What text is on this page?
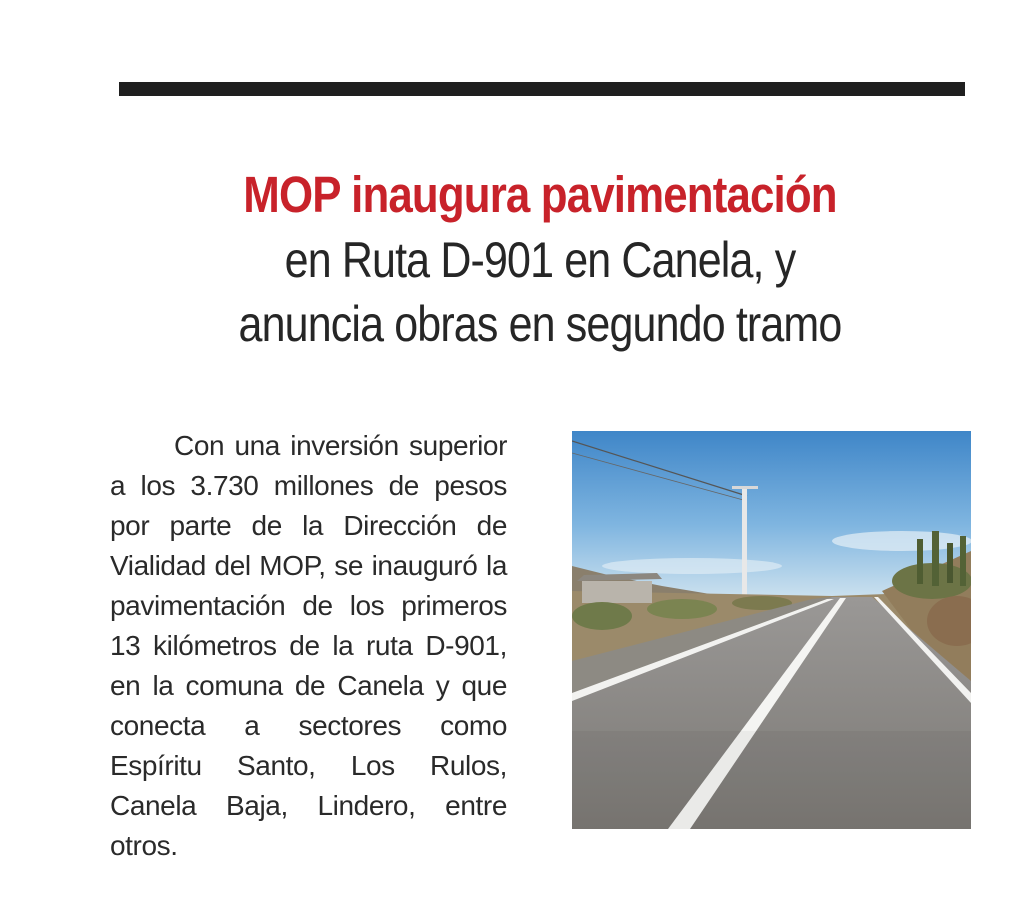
MOP inaugura pavimentación
en Ruta D-901 en Canela, y
anuncia obras en segundo tramo
Con una inversión superior a los 3.730 millones de pesos por parte de la Dirección de Vialidad del MOP, se inauguró la pavimentación de los primeros 13 kilómetros de la ruta D-901, en la comuna de Canela y que conecta a sectores como Espíritu Santo, Los Rulos, Canela Baja, Lindero, entre otros.
